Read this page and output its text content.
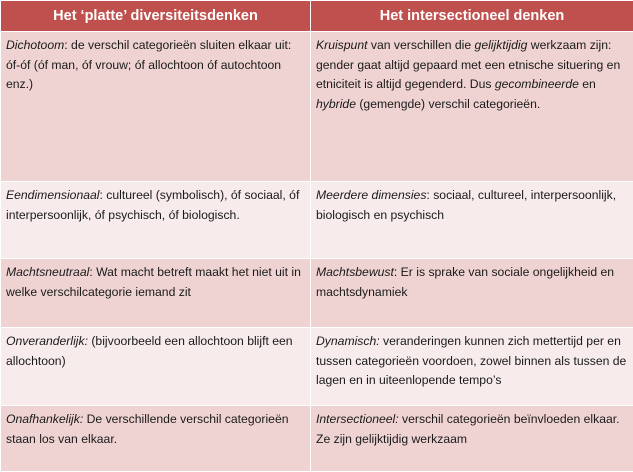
Het ‘platte’ diversiteitsdenken	Het intersectioneel denken
Dichotoom: de verschil categorieën sluiten elkaar uit: óf-óf (óf man, óf vrouw; óf allochtoon óf autochtoon enz.)	Kruispunt van verschillen die gelijktijdig werkzaam zijn: gender gaat altijd gepaard met een etnische situering en etniciteit is altijd gegenderd. Dus gecombineerde en hybride (gemengde) verschil categorieën.
Eendimensionaal: cultureel (symbolisch), óf sociaal, óf interpersoonlijk, óf psychisch, óf biologisch.	Meerdere dimensies: sociaal, cultureel, interpersoonlijk, biologisch en psychisch
Machtsneutraal: Wat macht betreft maakt het niet uit in welke verschilcategorie iemand zit	Machtsbewust: Er is sprake van sociale ongelijkheid en machtsdynamiek
Onveranderlijk: (bijvoorbeeld een allochtoon blijft een allochtoon)	Dynamisch: veranderingen kunnen zich mettertijd per en tussen categorieën voordoen, zowel binnen als tussen de lagen en in uiteenlopende tempo’s
Onafhankelijk: De verschillende verschil categorieën staan los van elkaar.	Intersectioneel: verschil categorieën beïnvloeden elkaar. Ze zijn gelijktijdig werkzaam
